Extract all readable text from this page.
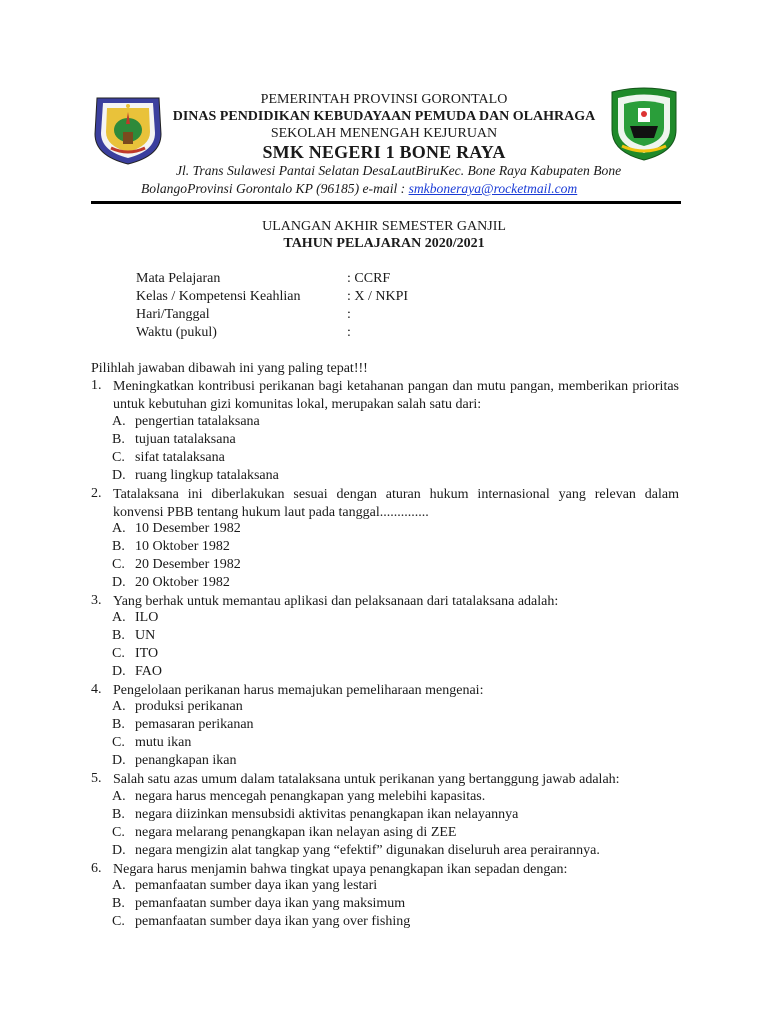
PEMERINTAH PROVINSI GORONTALO
DINAS PENDIDIKAN KEBUDAYAAN PEMUDA DAN OLAHRAGA
SEKOLAH MENENGAH KEJURUAN
SMK NEGERI 1 BONE RAYA
Jl. Trans Sulawesi Pantai Selatan DesaLautBiruKec. Bone Raya Kabupaten Bone
BolangoProvinsi Gorontalo KP (96185) e-mail : smkboneraya@rocketmail.com
ULANGAN AKHIR SEMESTER GANJIL
TAHUN PELAJARAN 2020/2021
Mata Pelajaran	: CCRF
Kelas / Kompetensi Keahlian	: X / NKPI
Hari/Tanggal	:
Waktu (pukul)	:
Pilihlah jawaban dibawah ini yang paling tepat!!!
1. Meningkatkan kontribusi perikanan bagi ketahanan pangan dan mutu pangan, memberikan prioritas untuk kebutuhan gizi komunitas lokal, merupakan salah satu dari:
A. pengertian tatalaksana
B. tujuan tatalaksana
C. sifat tatalaksana
D. ruang lingkup tatalaksana
2. Tatalaksana ini diberlakukan sesuai dengan aturan hukum internasional yang relevan dalam konvensi PBB tentang hukum laut pada tanggal..............
A. 10 Desember 1982
B. 10 Oktober 1982
C. 20 Desember 1982
D. 20 Oktober 1982
3. Yang berhak untuk memantau aplikasi dan pelaksanaan dari tatalaksana adalah:
A. ILO
B. UN
C. ITO
D. FAO
4. Pengelolaan perikanan harus memajukan pemeliharaan mengenai:
A. produksi perikanan
B. pemasaran perikanan
C. mutu ikan
D. penangkapan ikan
5. Salah satu azas umum dalam tatalaksana untuk perikanan yang bertanggung jawab adalah:
A. negara harus mencegah penangkapan yang melebihi kapasitas.
B. negara diizinkan mensubsidi aktivitas penangkapan ikan nelayannya
C. negara melarang penangkapan ikan nelayan asing di ZEE
D. negara mengizin alat tangkap yang “efektif” digunakan diseluruh area perairannya.
6. Negara harus menjamin bahwa tingkat upaya penangkapan ikan sepadan dengan:
A. pemanfaatan sumber daya ikan yang lestari
B. pemanfaatan sumber daya ikan yang maksimum
C. pemanfaatan sumber daya ikan yang over fishing
